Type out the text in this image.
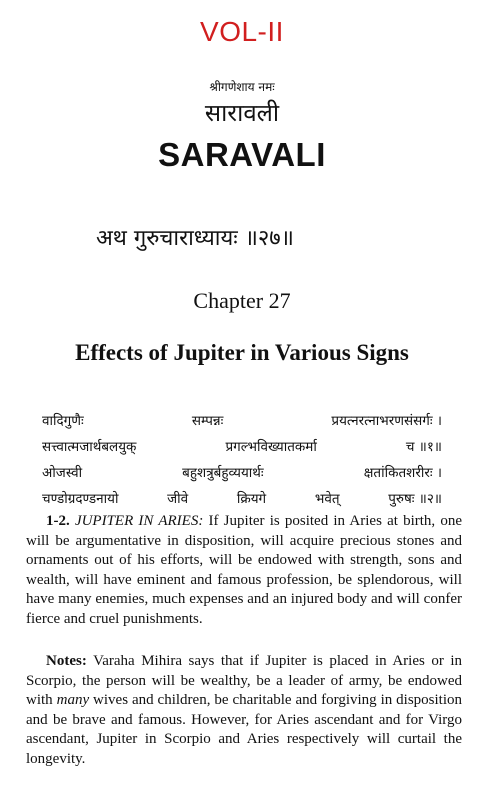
VOL-II
श्रीगणेशाय नमः
सारावली
SARAVALI
अथ गुरुचाराध्यायः ॥२७॥
Chapter 27
Effects of Jupiter in Various Signs
वादिगुणैः	सम्पन्नः	प्रयत्नरत्नाभरणसंसर्गः ।
सत्त्वात्मजार्थबलयुक्	प्रगल्भविख्यातकर्मा	च ॥१॥
ओजस्वी	बहुशत्रुर्बहुव्ययार्थः	क्षतांकितशरीरः ।
चण्डोग्रदण्डनायो	जीवे	क्रियगे	भवेत्	पुरुषः ॥२॥

1-2. JUPITER IN ARIES: If Jupiter is posited in Aries at birth, one will be argumentative in disposition, will acquire precious stones and ornaments out of his efforts, will be endowed with strength, sons and wealth, will have eminent and famous profession, be splendorous, will have many enemies, much expenses and an injured body and will confer fierce and cruel punishments.

Notes: Varaha Mihira says that if Jupiter is placed in Aries or in Scorpio, the person will be wealthy, be a leader of army, be endowed with many wives and children, be charitable and forgiving in disposition and be brave and famous. However, for Aries ascendant and for Virgo ascendant, Jupiter in Scorpio and Aries respectively will curtail the longevity.
